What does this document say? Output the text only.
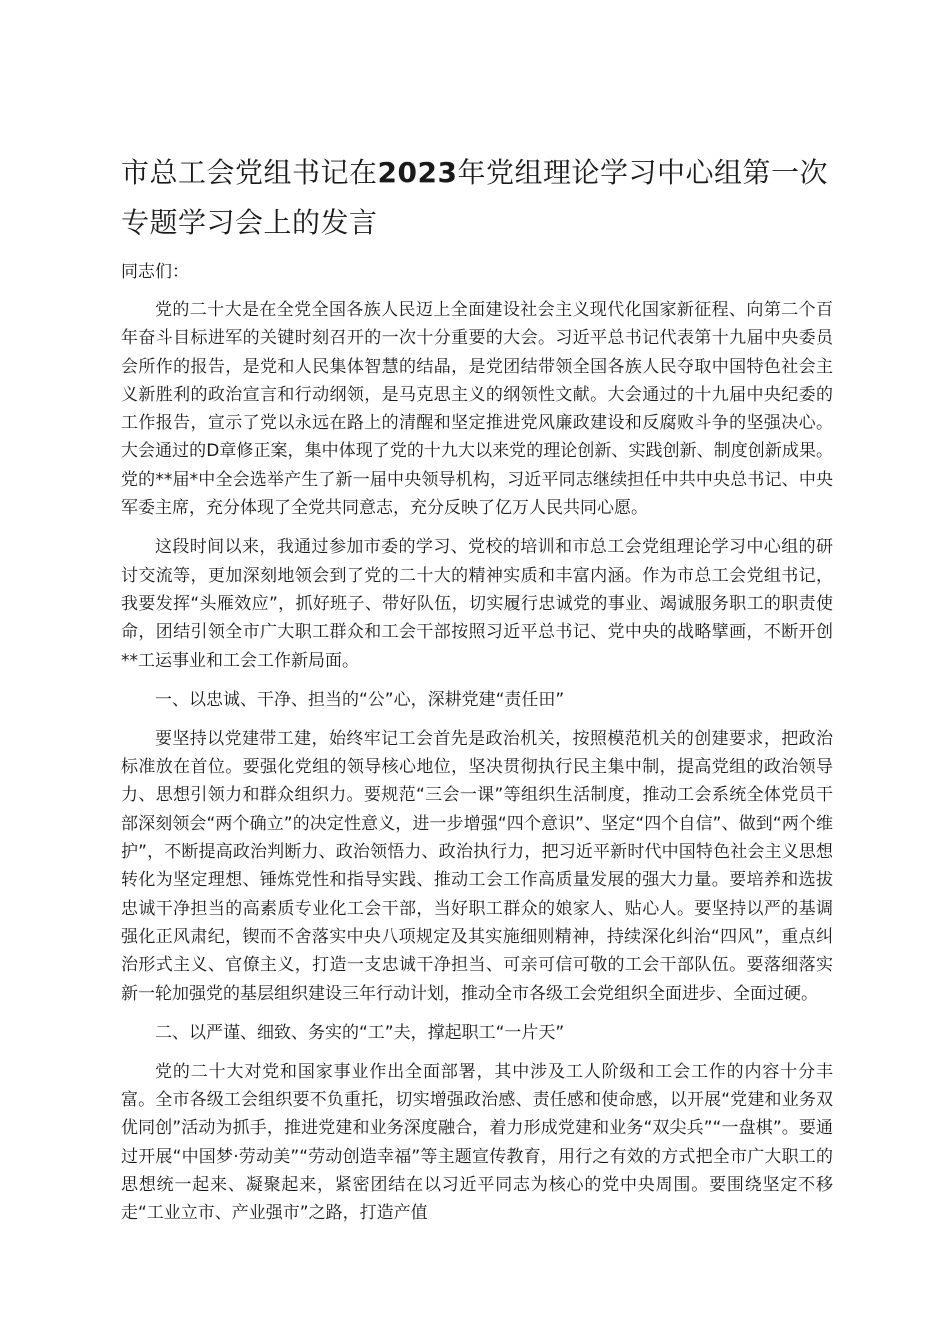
市总工会党组书记在2023年党组理论学习中心组第一次专题学习会上的发言

同志们：

党的二十大是在全党全国各族人民迈上全面建设社会主义现代化国家新征程、向第二个百年奋斗目标进军的关键时刻召开的一次十分重要的大会。习近平总书记代表第十九届中央委员会所作的报告，是党和人民集体智慧的结晶，是党团结带领全国各族人民夺取中国特色社会主义新胜利的政治宣言和行动纲领，是马克思主义的纲领性文献。大会通过的十九届中央纪委的工作报告，宣示了党以永远在路上的清醒和坚定推进党风廉政建设和反腐败斗争的坚强决心。大会通过的D章修正案，集中体现了党的十九大以来党的理论创新、实践创新、制度创新成果。党的**届*中全会选举产生了新一届中央领导机构，习近平同志继续担任中共中央总书记、中央军委主席，充分体现了全党共同意志，充分反映了亿万人民共同心愿。

这段时间以来，我通过参加市委的学习、党校的培训和市总工会党组理论学习中心组的研讨交流等，更加深刻地领会到了党的二十大的精神实质和丰富内涵。作为市总工会党组书记，我要发挥“头雁效应”，抓好班子、带好队伍，切实履行忠诚党的事业、竭诚服务职工的职责使命，团结引领全市广大职工群众和工会干部按照习近平总书记、党中央的战略擘画，不断开创**工运事业和工会工作新局面。

一、以忠诚、干净、担当的“公”心，深耕党建“责任田”

要坚持以党建带工建，始终牢记工会首先是政治机关，按照模范机关的创建要求，把政治标准放在首位。要强化党组的领导核心地位，坚决贯彻执行民主集中制，提高党组的政治领导力、思想引领力和群众组织力。要规范“三会一课”等组织生活制度，推动工会系统全体党员干部深刻领会“两个确立”的决定性意义，进一步增强“四个意识”、坚定“四个自信”、做到“两个维护”，不断提高政治判断力、政治领悟力、政治执行力，把习近平新时代中国特色社会主义思想转化为坚定理想、锤炼党性和指导实践、推动工会工作高质量发展的强大力量。要培养和选拔忠诚干净担当的高素质专业化工会干部，当好职工群众的娘家人、贴心人。要坚持以严的基调强化正风肃纪，锲而不舍落实中央八项规定及其实施细则精神，持续深化纠治“四风”，重点纠治形式主义、官僚主义，打造一支忠诚干净担当、可亲可信可敬的工会干部队伍。要落细落实新一轮加强党的基层组织建设三年行动计划，推动全市各级工会党组织全面进步、全面过硬。

二、以严谨、细致、务实的“工”夫，撑起职工“一片天”

党的二十大对党和国家事业作出全面部署，其中涉及工人阶级和工会工作的内容十分丰富。全市各级工会组织要不负重托，切实增强政治感、责任感和使命感，以开展“党建和业务双优同创”活动为抓手，推进党建和业务深度融合，着力形成党建和业务“双尖兵”“一盘棋”。要通过开展“中国梦·劳动美”“劳动创造幸福”等主题宣传教育，用行之有效的方式把全市广大职工的思想统一起来、凝聚起来，紧密团结在以习近平同志为核心的党中央周围。要围绕坚定不移走“工业立市、产业强市”之路，打造产值
